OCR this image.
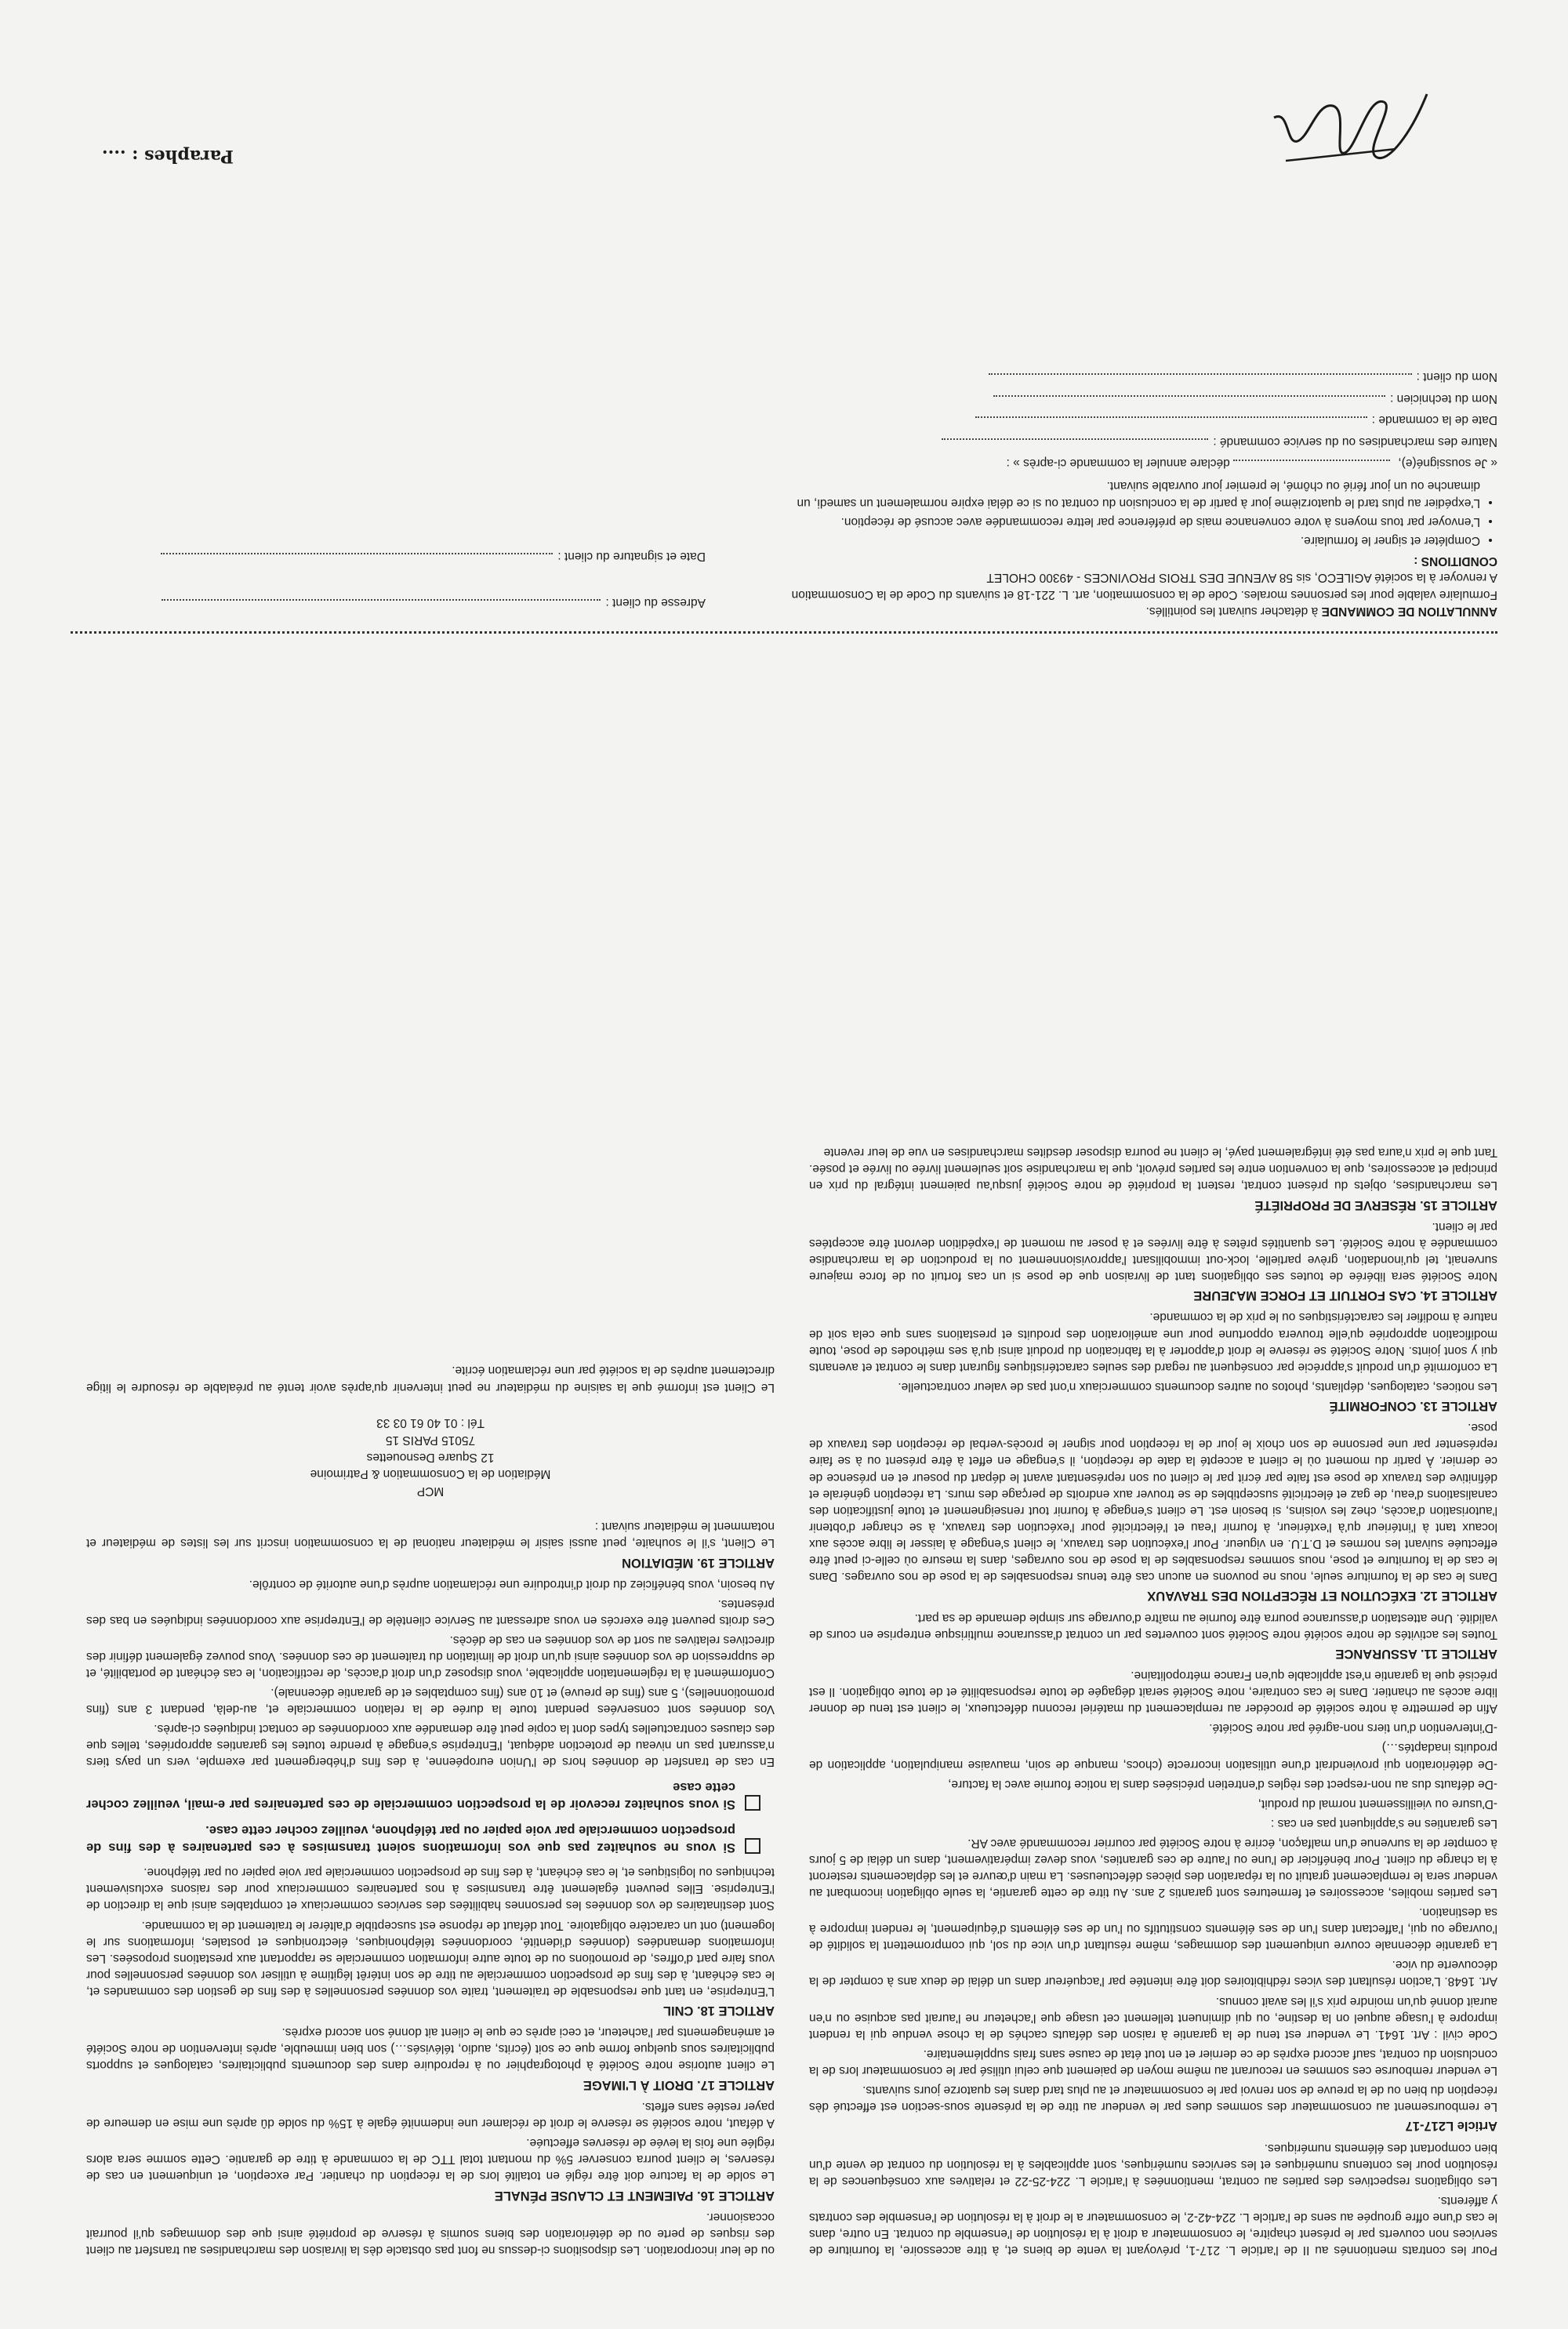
Pour les contrats mentionnés au II de l'article L. 217-1, prévoyant la vente de biens et, à titre accessoire, la fourniture de services non couverts par le présent chapitre, le consommateur a droit à la résolution de l'ensemble du contrat. En outre, dans le cas d'une offre groupée au sens de l'article L. 224-42-2, le consommateur a le droit à la résolution de l'ensemble des contrats y afférents.

Les obligations respectives des parties au contrat, mentionnées à l'article L. 224-25-22 et relatives aux conséquences de la résolution pour les contenus numériques et les services numériques, sont applicables à la résolution du contrat de vente d'un bien comportant des éléments numériques.

Article L217-17

Le remboursement au consommateur des sommes dues par le vendeur au titre de la présente sous-section est effectué dès réception du bien ou de la preuve de son renvoi par le consommateur et au plus tard dans les quatorze jours suivants.

Le vendeur rembourse ces sommes en recourant au même moyen de paiement que celui utilisé par le consommateur lors de la conclusion du contrat, sauf accord exprès de ce dernier et en tout état de cause sans frais supplémentaire.

Code civil : Art. 1641. Le vendeur est tenu de la garantie à raison des défauts cachés de la chose vendue qui la rendent impropre à l'usage auquel on la destine, ou qui diminuent tellement cet usage que l'acheteur ne l'aurait pas acquise ou n'en aurait donné qu'un moindre prix s'il les avait connus.

Art. 1648. L'action résultant des vices rédhibitoires doit être intentée par l'acquéreur dans un délai de deux ans à compter de la découverte du vice.

La garantie décennale couvre uniquement des dommages, même résultant d'un vice du sol, qui compromettent la solidité de l'ouvrage ou qui, l'affectant dans l'un de ses éléments constitutifs ou l'un de ses éléments d'équipement, le rendent impropre à sa destination.

Les parties mobiles, accessoires et fermetures sont garantis 2 ans. Au titre de cette garantie, la seule obligation incombant au vendeur sera le remplacement gratuit ou la réparation des pièces défectueuses. La main d'œuvre et les déplacements resteront à la charge du client. Pour bénéficier de l'une ou l'autre de ces garanties, vous devez impérativement, dans un délai de 5 jours à compter de la survenue d'un malfaçon, écrire à notre Société par courrier recommandé avec AR.

Les garanties ne s'appliquent pas en cas :

-D'usure ou vieillissement normal du produit,

-De défauts dus au non-respect des règles d'entretien précisées dans la notice fournie avec la facture,

-De détérioration qui proviendrait d'une utilisation incorrecte (chocs, manque de soin, mauvaise manipulation, application de produits inadaptés…)

-D'intervention d'un tiers non-agréé par notre Société.

Afin de permettre à notre société de procéder au remplacement du matériel reconnu défectueux, le client est tenu de donner libre accès au chantier. Dans le cas contraire, notre Société serait dégagée de toute responsabilité et de toute obligation. Il est précisé que la garantie n'est applicable qu'en France métropolitaine.

ARTICLE 11. ASSURANCE

Toutes les activités de notre société notre Société sont couvertes par un contrat d'assurance multirisque entreprise en cours de validité. Une attestation d'assurance pourra être fournie au maître d'ouvrage sur simple demande de sa part.

ARTICLE 12. EXÉCUTION ET RÉCEPTION DES TRAVAUX

Dans le cas de la fourniture seule, nous ne pouvons en aucun cas être tenus responsables de la pose de nos ouvrages. Dans le cas de la fourniture et pose, nous sommes responsables de la pose de nos ouvrages, dans la mesure où celle-ci peut être effectuée suivant les normes et D.T.U. en vigueur. Pour l'exécution des travaux, le client s'engage à laisser le libre accès aux locaux tant à l'intérieur qu'à l'extérieur, à fournir l'eau et l'électricité pour l'exécution des travaux, à se charger d'obtenir l'autorisation d'accès, chez les voisins, si besoin est. Le client s'engage à fournir tout renseignement et toute justification des canalisations d'eau, de gaz et électricité susceptibles de se trouver aux endroits de perçage des murs. La réception générale et définitive des travaux de pose est faite par écrit par le client ou son représentant avant le départ du poseur et en présence de ce dernier. À partir du moment où le client a accepté la date de réception, il s'engage en effet à être présent ou à se faire représenter par une personne de son choix le jour de la réception pour signer le procès-verbal de réception des travaux de pose.

ARTICLE 13. CONFORMITÉ

Les notices, catalogues, dépliants, photos ou autres documents commerciaux n'ont pas de valeur contractuelle.

La conformité d'un produit s'apprécie par conséquent au regard des seules caractéristiques figurant dans le contrat et avenants qui y sont joints. Notre Société se réserve le droit d'apporter à la fabrication du produit ainsi qu'à ses méthodes de pose, toute modification appropriée qu'elle trouvera opportune pour une amélioration des produits et prestations sans que cela soit de nature à modifier les caractéristiques ou le prix de la commande.

ARTICLE 14. CAS FORTUIT ET FORCE MAJEURE

Notre Société sera libérée de toutes ses obligations tant de livraison que de pose si un cas fortuit ou de force majeure survenait, tel qu'inondation, grève partielle, lock-out immobilisant l'approvisionnement ou la production de la marchandise commandée à notre Société. Les quantités prêtes à être livrées et à poser au moment de l'expédition devront être acceptées par le client.

ARTICLE 15. RÉSERVE DE PROPRIÉTÉ

Les marchandises, objets du présent contrat, restent la propriété de notre Société jusqu'au paiement intégral du prix en principal et accessoires, que la convention entre les parties prévoit, que la marchandise soit seulement livrée ou livrée et posée. Tant que le prix n'aura pas été intégralement payé, le client ne pourra disposer desdites marchandises en vue de leur revente

ou de leur incorporation. Les dispositions ci-dessus ne font pas obstacle dès la livraison des marchandises au transfert au client des risques de perte ou de détérioration des biens soumis à réserve de propriété ainsi que des dommages qu'il pourrait occasionner.

ARTICLE 16. PAIEMENT ET CLAUSE PÉNALE

Le solde de la facture doit être réglé en totalité lors de la réception du chantier. Par exception, et uniquement en cas de réserves, le client pourra conserver 5% du montant total TTC de la commande à titre de garantie. Cette somme sera alors réglée une fois la levée de réserves effectuée.

A défaut, notre société se réserve le droit de réclamer une indemnité égale à 15% du solde dû après une mise en demeure de payer restée sans effets.

ARTICLE 17. DROIT À L'IMAGE

Le client autorise notre Société à photographier ou à reproduire dans des documents publicitaires, catalogues et supports publicitaires sous quelque forme que ce soit (écrits, audio, télévisés…) son bien immeuble, après intervention de notre Société et aménagements par l'acheteur, et ceci après ce que le client ait donné son accord exprès.

ARTICLE 18. CNIL

L'Entreprise, en tant que responsable de traitement, traite vos données personnelles à des fins de gestion des commandes et, le cas échéant, à des fins de prospection commerciale au titre de son intérêt légitime à utiliser vos données personnelles pour vous faire part d'offres, de promotions ou de toute autre information commerciale se rapportant aux prestations proposées. Les informations demandées (données d'identité, coordonnées téléphoniques, électroniques et postales, informations sur le logement) ont un caractère obligatoire. Tout défaut de réponse est susceptible d'altérer le traitement de la commande.

Sont destinataires de vos données les personnes habilitées des services commerciaux et comptables ainsi que la direction de l'Entreprise. Elles peuvent également être transmises à nos partenaires commerciaux pour des raisons exclusivement techniques ou logistiques et, le cas échéant, à des fins de prospection commerciale par voie papier ou par téléphone.

Si vous ne souhaitez pas que vos informations soient transmises à ces partenaires à des fins de prospection commerciale par voie papier ou par téléphone, veuillez cocher cette case.
Si vous souhaitez recevoir de la prospection commerciale de ces partenaires par e-mail, veuillez cocher cette case

En cas de transfert de données hors de l'Union européenne, à des fins d'hébergement par exemple, vers un pays tiers n'assurant pas un niveau de protection adéquat, l'Entreprise s'engage à prendre toutes les garanties appropriées, telles que des clauses contractuelles types dont la copie peut être demandée aux coordonnées de contact indiquées ci-après.

Vos données sont conservées pendant toute la durée de la relation commerciale et, au-delà, pendant 3 ans (fins promotionnelles), 5 ans (fins de preuve) et 10 ans (fins comptables et de garantie décennale).

Conformément à la réglementation applicable, vous disposez d'un droit d'accès, de rectification, le cas échéant de portabilité, et de suppression de vos données ainsi qu'un droit de limitation du traitement de ces données. Vous pouvez également définir des directives relatives au sort de vos données en cas de décès.

Ces droits peuvent être exercés en vous adressant au Service clientèle de l'Entreprise aux coordonnées indiquées en bas des présentes.

Au besoin, vous bénéficiez du droit d'introduire une réclamation auprès d'une autorité de contrôle.

ARTICLE 19. MÉDIATION

Le Client, s'il le souhaite, peut aussi saisir le médiateur national de la consommation inscrit sur les listes de médiateur et notamment le médiateur suivant :

MCP
Médiation de la Consommation & Patrimoine
12 Square Desnouettes
75015 PARIS 15
Tél : 01 40 61 03 33

Le Client est informé que la saisine du médiateur ne peut intervenir qu'après avoir tenté au préalable de résoudre le litige directement auprès de la société par une réclamation écrite.

ANNULATION DE COMMANDE à détacher suivant les pointillés.
Formulaire valable pour les personnes morales. Code de la consommation, art. L. 221-18 et suivants du Code de la Consommation
A renvoyer à la société AGILECO, sis 58 AVENUE DES TROIS PROVINCES - 49300 CHOLET
CONDITIONS :
• Compléter et signer le formulaire.
• L'envoyer par tous moyens à votre convenance mais de préférence par lettre recommandée avec accusé de réception.
• L'expédier au plus tard le quatorzième jour à partir de la conclusion du contrat ou si ce délai expire normalement un samedi, un dimanche ou un jour férié ou chômé, le premier jour ouvrable suivant.
« Je soussigné(e),  déclare annuler la commande ci-après » :
Nature des marchandises ou du service commandé :
Date de la commande :
Nom du technicien :
Nom du client :
Adresse du client :
Date et signature du client :
Paraphes : ....
